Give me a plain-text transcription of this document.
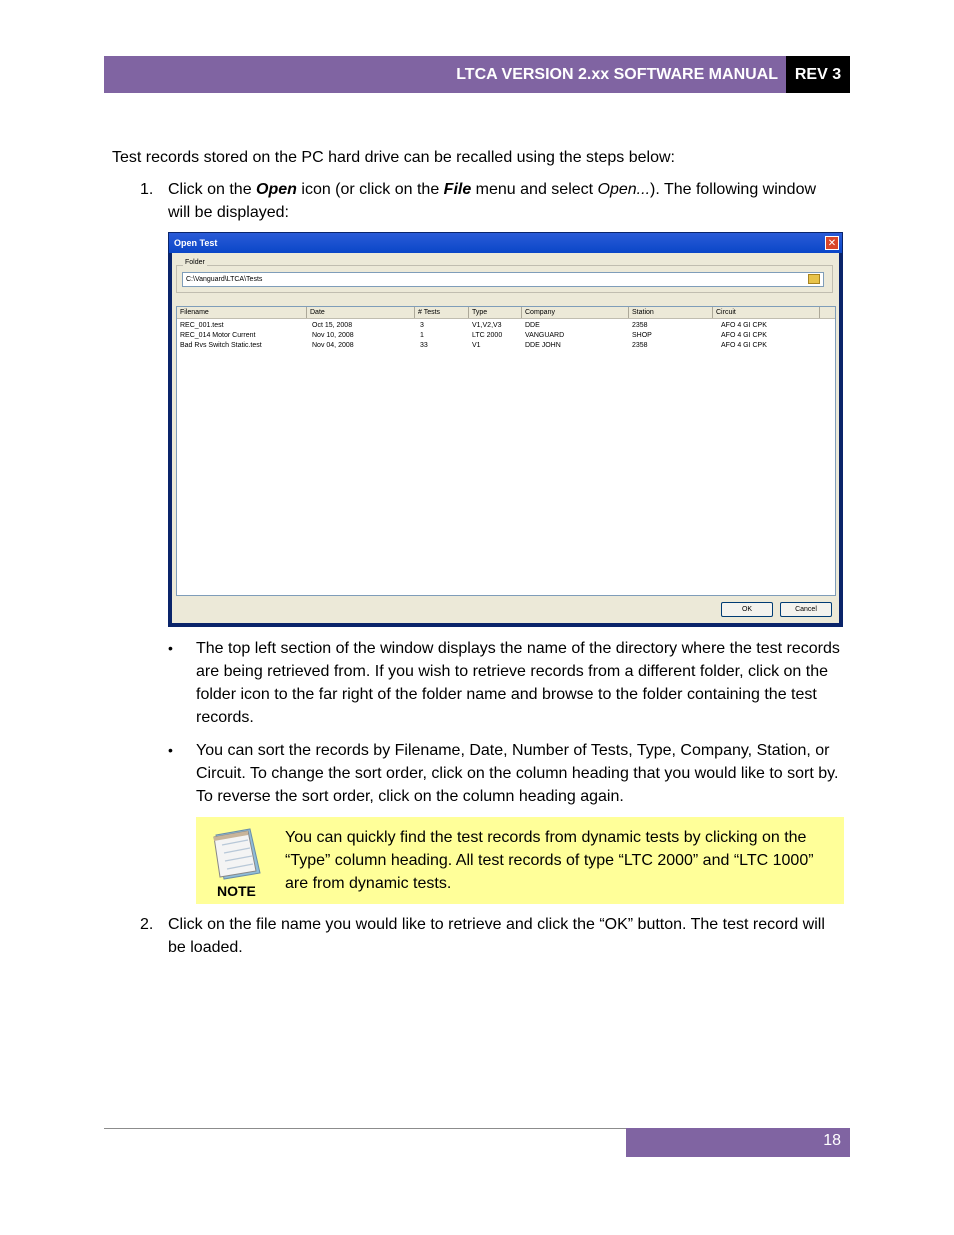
LTCA VERSION 2.xx SOFTWARE MANUAL	REV 3
Test records stored on the PC hard drive can be recalled using the steps below:
1. Click on the Open icon (or click on the File menu and select Open...). The following window will be displayed:
Open Test	✕
Folder
C:\Vanguard\LTCA\Tests
Filename	Date	# Tests	Type	Company	Station	Circuit
REC_001.test	Oct 15, 2008	3	V1,V2,V3	DDE	2358	AFO 4 GI CPK
REC_014 Motor Current	Nov 10, 2008	1	LTC 2000	VANGUARD	SHOP	AFO 4 GI CPK
Bad Rvs Switch Static.test	Nov 04, 2008	33	V1	DDE JOHN	2358	AFO 4 GI CPK
OK	Cancel
• The top left section of the window displays the name of the directory where the test records are being retrieved from. If you wish to retrieve records from a different folder, click on the folder icon to the far right of the folder name and browse to the folder containing the test records.
• You can sort the records by Filename, Date, Number of Tests, Type, Company, Station, or Circuit. To change the sort order, click on the column heading that you would like to sort by. To reverse the sort order, click on the column heading again.
NOTE
You can quickly find the test records from dynamic tests by clicking on the “Type” column heading. All test records of type “LTC 2000” and “LTC 1000” are from dynamic tests.
2. Click on the file name you would like to retrieve and click the “OK” button. The test record will be loaded.
18
